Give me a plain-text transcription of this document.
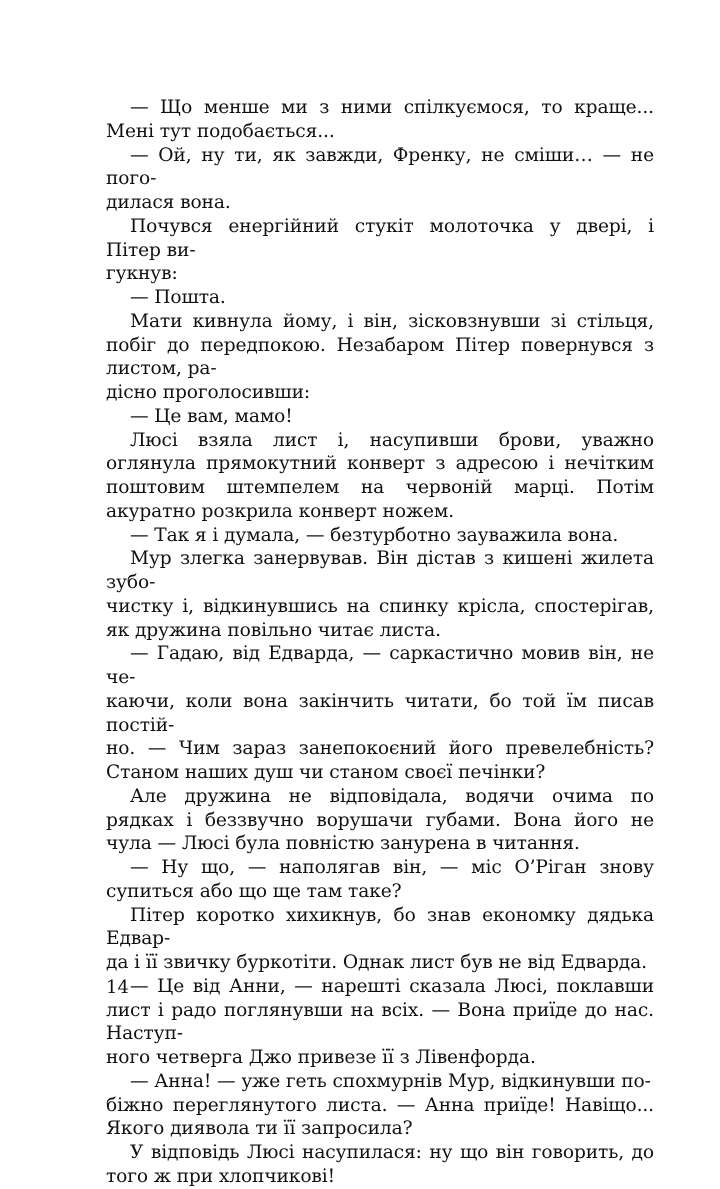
— Що менше ми з ними спілкуємося, то краще... Мені тут подобається...

— Ой, ну ти, як завжди, Френку, не сміши… — не пого-
дилася вона.

Почувся енергійний стукіт молоточка у двері, і Пітер ви-
гукнув:

— Пошта.

Мати кивнула йому, і він, зісковзнувши зі стільця, побіг до передпокою. Незабаром Пітер повернувся з листом, ра-
дісно проголосивши:

— Це вам, мамо!

Люсі взяла лист і, насупивши брови, уважно оглянула прямокутний конверт з адресою і нечітким поштовим штемпелем на червоній марці. Потім акуратно розкрила конверт ножем.

— Так я і думала, — безтурботно зауважила вона.

Мур злегка занервував. Він дістав з кишені жилета зубо-
чистку і, відкинувшись на спинку крісла, спостерігав, як дружина повільно читає листа.

— Гадаю, від Едварда, — саркастично мовив він, не че-
каючи, коли вона закінчить читати, бо той їм писав постій-
но. — Чим зараз занепокоєний його превелебність? Станом наших душ чи станом своєї печінки?

Але дружина не відповідала, водячи очима по рядках і беззвучно ворушачи губами. Вона його не чула — Люсі була повністю занурена в читання.

— Ну що, — наполягав він, — міс О’Ріган знову супиться або що ще там таке?

Пітер коротко хихикнув, бо знав економку дядька Едвар-
да і її звичку буркотіти. Однак лист був не від Едварда.

— Це від Анни, — нарешті сказала Люсі, поклавши лист і радо поглянувши на всіх. — Вона приїде до нас. Наступ-
ного четверга Джо привезе її з Лівенфорда.

— Анна! — уже геть спохмурнів Мур, відкинувши по-
біжно переглянутого листа. — Анна приїде! Навіщо... Якого диявола ти її запросила?

У відповідь Люсі насупилася: ну що він говорить, до того ж при хлопчикові!

14
